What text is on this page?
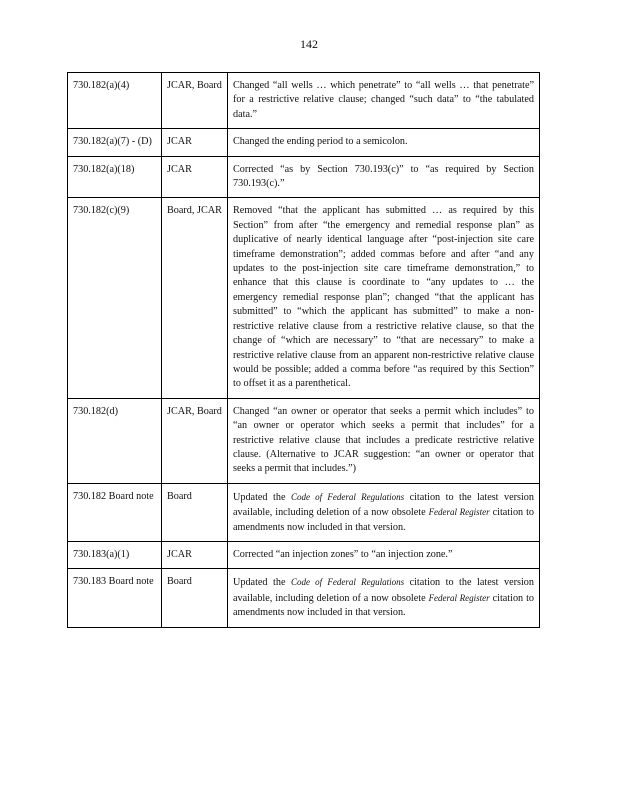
142
730.182(a)(4)	JCAR, Board	Changed “all wells … which penetrate” to “all wells … that penetrate” for a restrictive relative clause; changed “such data” to “the tabulated data.”
730.182(a)(7) - (D)	JCAR	Changed the ending period to a semicolon.
730.182(a)(18)	JCAR	Corrected “as by Section 730.193(c)” to “as required by Section 730.193(c).”
730.182(c)(9)	Board, JCAR	Removed “that the applicant has submitted … as required by this Section” from after “the emergency and remedial response plan” as duplicative of nearly identical language after “post-injection site care timeframe demonstration”; added commas before and after “and any updates to the post-injection site care timeframe demonstration,” to enhance that this clause is coordinate to “any updates to … the emergency remedial response plan”; changed “that the applicant has submitted” to “which the applicant has submitted” to make a non-restrictive relative clause from a restrictive relative clause, so that the change of “which are necessary” to “that are necessary” to make a restrictive relative clause from an apparent non-restrictive relative clause would be possible; added a comma before “as required by this Section” to offset it as a parenthetical.
730.182(d)	JCAR, Board	Changed “an owner or operator that seeks a permit which includes” to “an owner or operator which seeks a permit that includes” for a restrictive relative clause that includes a predicate restrictive relative clause. (Alternative to JCAR suggestion: “an owner or operator that seeks a permit that includes.”)
730.182 Board note	Board	Updated the Code of Federal Regulations citation to the latest version available, including deletion of a now obsolete Federal Register citation to amendments now included in that version.
730.183(a)(1)	JCAR	Corrected “an injection zones” to “an injection zone.”
730.183 Board note	Board	Updated the Code of Federal Regulations citation to the latest version available, including deletion of a now obsolete Federal Register citation to amendments now included in that version.
